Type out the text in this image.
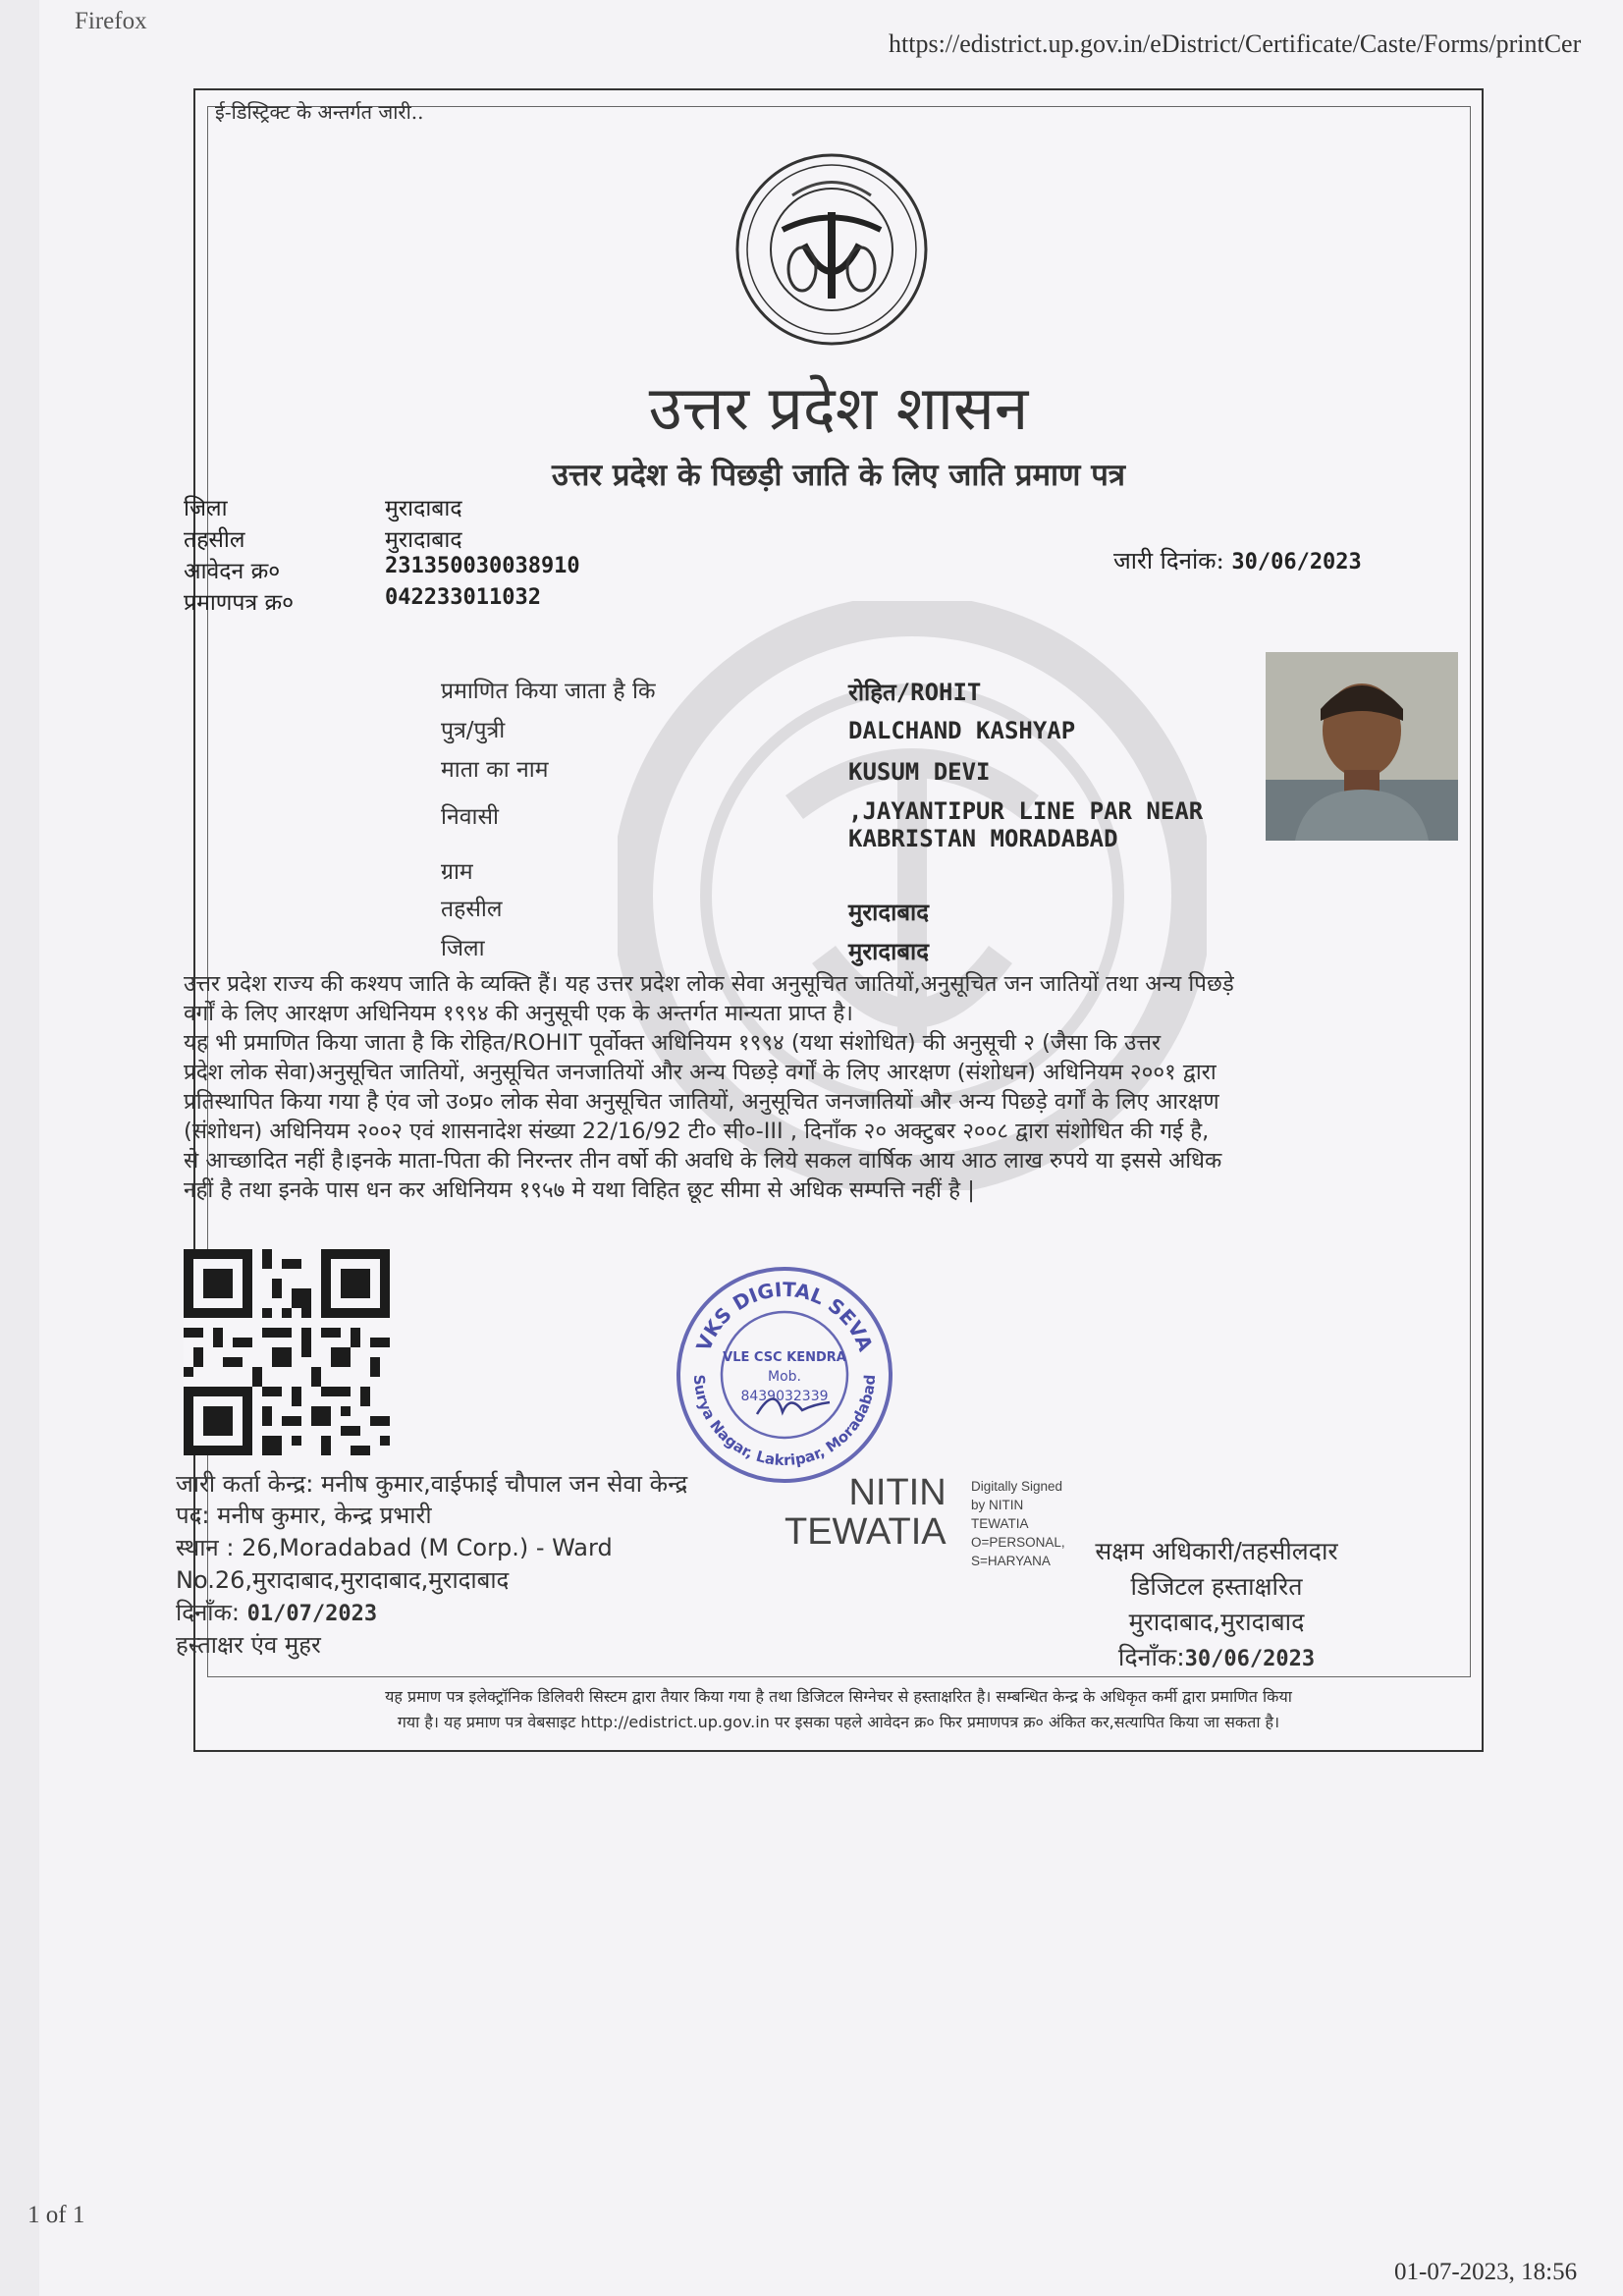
Firefox
https://edistrict.up.gov.in/eDistrict/Certificate/Caste/Forms/printCer
ई-डिस्ट्रिक्ट के अन्तर्गत जारी..
उत्तर प्रदेश शासन
उत्तर प्रदेश के पिछड़ी जाति के लिए जाति प्रमाण पत्र
जिला	मुरादाबाद
तहसील	मुरादाबाद
आवेदन क्र०	231350030038910
प्रमाणपत्र क्र०	042233011032
जारी दिनांक: 30/06/2023
प्रमाणित किया जाता है कि	रोहित/ROHIT
पुत्र/पुत्री	DALCHAND KASHYAP
माता का नाम	KUSUM DEVI
निवासी	,JAYANTIPUR LINE PAR NEAR
KABRISTAN MORADABAD
ग्राम
तहसील	मुरादाबाद
जिला	मुरादाबाद
उत्तर प्रदेश राज्य की कश्यप जाति के व्यक्ति हैं। यह उत्तर प्रदेश लोक सेवा अनुसूचित जातियों,अनुसूचित जन जातियों तथा अन्य पिछड़े
वर्गों के लिए आरक्षण अधिनियम १९९४ की अनुसूची एक के अन्तर्गत मान्यता प्राप्त है।
यह भी प्रमाणित किया जाता है कि रोहित/ROHIT पूर्वोक्त अधिनियम १९९४ (यथा संशोधित) की अनुसूची २ (जैसा कि उत्तर
प्रदेश लोक सेवा)अनुसूचित जातियों, अनुसूचित जनजातियों और अन्य पिछड़े वर्गों के लिए आरक्षण (संशोधन) अधिनियम २००१ द्वारा
प्रतिस्थापित किया गया है एंव जो उ०प्र० लोक सेवा अनुसूचित जातियों, अनुसूचित जनजातियों और अन्य पिछड़े वर्गों के लिए आरक्षण
(संशोधन) अधिनियम २००२ एवं शासनादेश संख्या 22/16/92 टी० सी०-III , दिनाँक २० अक्टुबर २००८ द्वारा संशोधित की गई है,
से आच्छादित नहीं है।इनके माता-पिता की निरन्तर तीन वर्षो की अवधि के लिये सकल वार्षिक आय आठ लाख रुपये या इससे अधिक
नहीं है तथा इनके पास धन कर अधिनियम १९५७ मे यथा विहित छूट सीमा से अधिक सम्पत्ति नहीं है |
VKS DIGITAL SEVA
Surya Nagar, Lakripar, Moradabad
VLE CSC KENDRA
Mob.
8439032339
जारी कर्ता केन्द्र: मनीष कुमार,वाईफाई चौपाल जन सेवा केन्द्र
पद: मनीष कुमार, केन्द्र प्रभारी
स्थान : 26,Moradabad (M Corp.) - Ward
No.26,मुरादाबाद,मुरादाबाद,मुरादाबाद
दिनाँक: 01/07/2023
हस्ताक्षर एंव मुहर
NITIN
TEWATIA
Digitally Signed
by NITIN
TEWATIA
O=PERSONAL,
S=HARYANA	सक्षम अधिकारी/तहसीलदार
डिजिटल हस्ताक्षरित
मुरादाबाद,मुरादाबाद
दिनाँक:30/06/2023
यह प्रमाण पत्र इलेक्ट्रॉनिक डिलिवरी सिस्टम द्वारा तैयार किया गया है तथा डिजिटल सिग्नेचर से हस्ताक्षरित है। सम्बन्धित केन्द्र के अधिकृत कर्मी द्वारा प्रमाणित किया
गया है। यह प्रमाण पत्र वेबसाइट http://edistrict.up.gov.in पर इसका पहले आवेदन क्र० फिर प्रमाणपत्र क्र० अंकित कर,सत्यापित किया जा सकता है।
1 of 1
01-07-2023, 18:56
